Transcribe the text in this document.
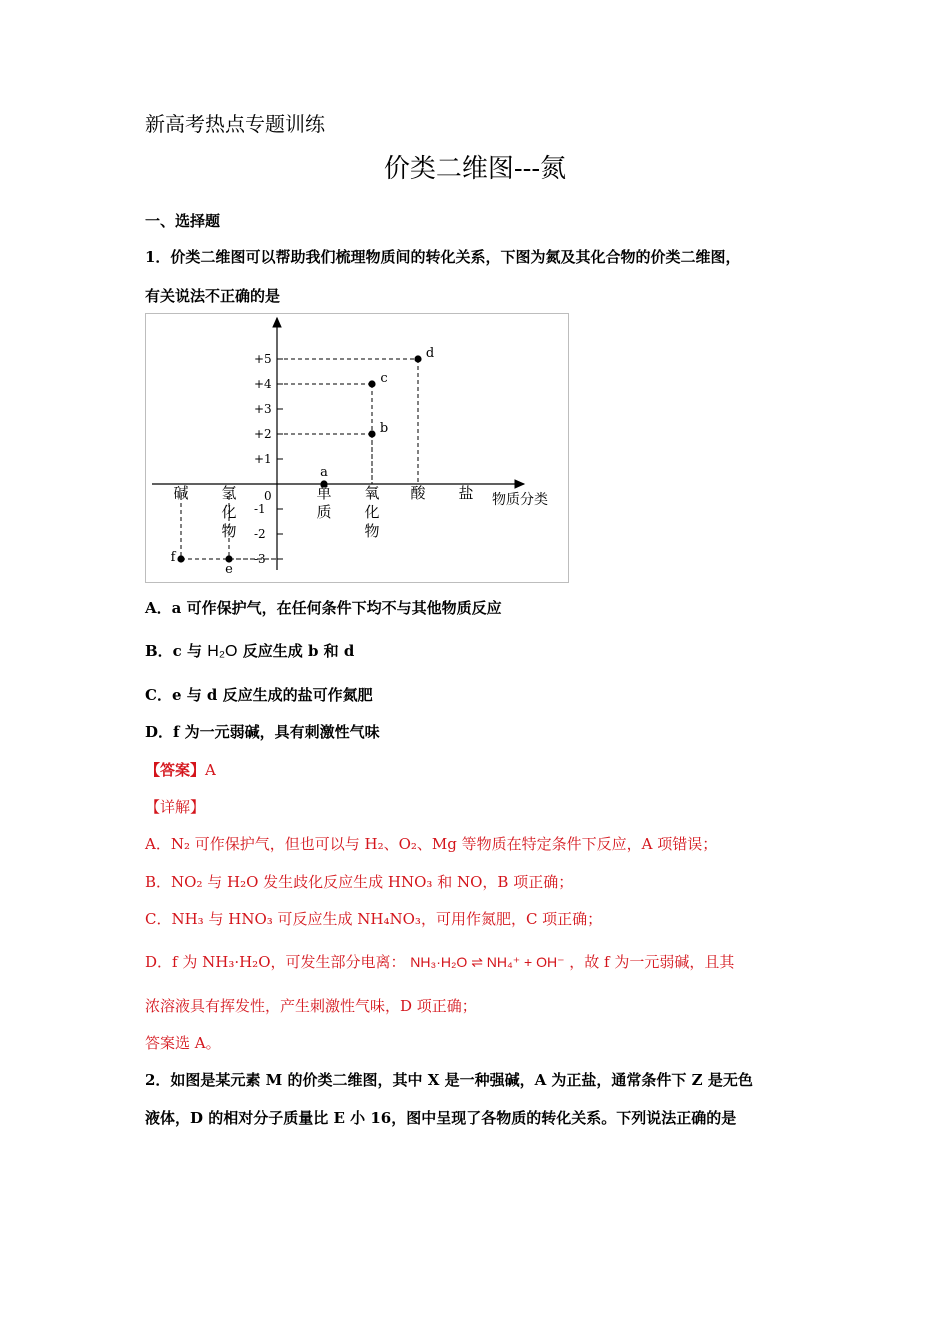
新高考热点专题训练
价类二维图---氮
一、选择题
1．价类二维图可以帮助我们梳理物质间的转化关系，下图为氮及其化合物的价类二维图，
有关说法不正确的是
+5
+4
+3
+2
+1
0
-1
-2
-3
a
b
c
d
e
f
碱 氢
化
物
单
质
氧
化
物
酸 盐 物质分类
A．a 可作保护气，在任何条件下均不与其他物质反应
B．c 与 H₂O 反应生成 b 和 d
C．e 与 d 反应生成的盐可作氮肥
D．f 为一元弱碱，具有刺激性气味
【答案】A
【详解】
A．N₂ 可作保护气，但也可以与 H₂、O₂、Mg 等物质在特定条件下反应，A 项错误；
B．NO₂ 与 H₂O 发生歧化反应生成 HNO₃ 和 NO，B 项正确；
C．NH₃ 与 HNO₃ 可反应生成 NH₄NO₃，可用作氮肥，C 项正确；
D．f 为 NH₃·H₂O，可发生部分电离： NH₃·H₂O ⇌ NH₄⁺ + OH⁻ ，故 f 为一元弱碱，且其
浓溶液具有挥发性，产生刺激性气味，D 项正确；
答案选 A。
2．如图是某元素 M 的价类二维图，其中 X 是一种强碱，A 为正盐，通常条件下 Z 是无色
液体，D 的相对分子质量比 E 小 16，图中呈现了各物质的转化关系。下列说法正确的是
